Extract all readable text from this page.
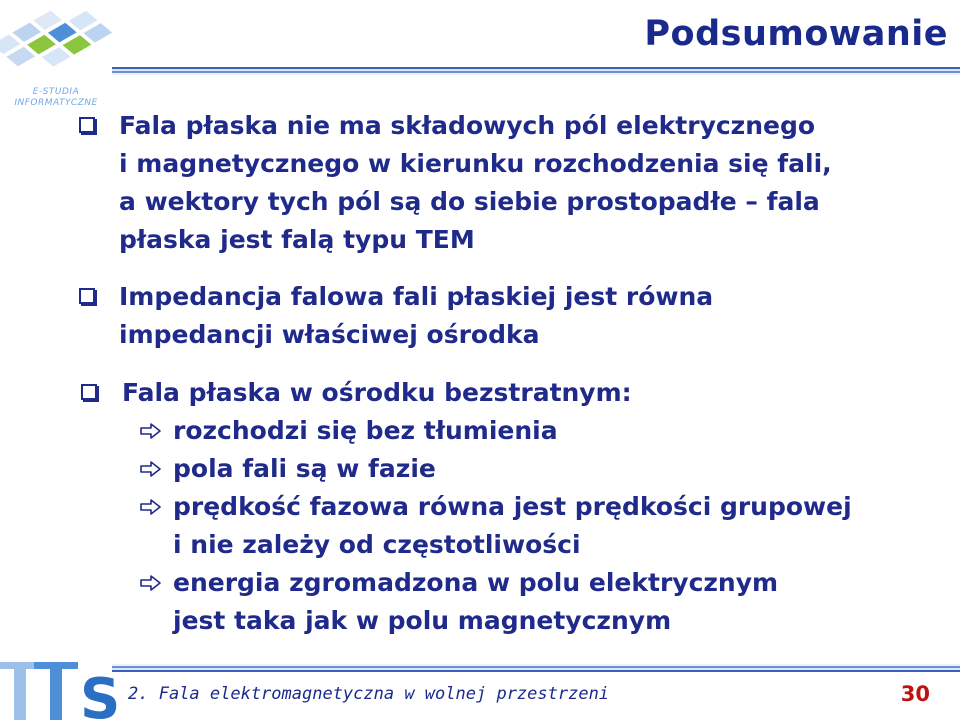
E-STUDIA
INFORMATYCZNE
Podsumowanie
Fala płaska nie ma składowych pól elektrycznego
i magnetycznego w kierunku rozchodzenia się fali,
a wektory tych pól są do siebie prostopadłe – fala
płaska jest falą typu TEM
Impedancja falowa fali płaskiej jest równa
impedancji właściwej ośrodka
Fala płaska w ośrodku bezstratnym:
rozchodzi się bez tłumienia
pola fali są w fazie
prędkość fazowa równa jest prędkości grupowej
i nie zależy od częstotliwości
energia zgromadzona w polu elektrycznym
jest taka jak w polu magnetycznym
S 2. Fala elektromagnetyczna w wolnej przestrzeni	30
